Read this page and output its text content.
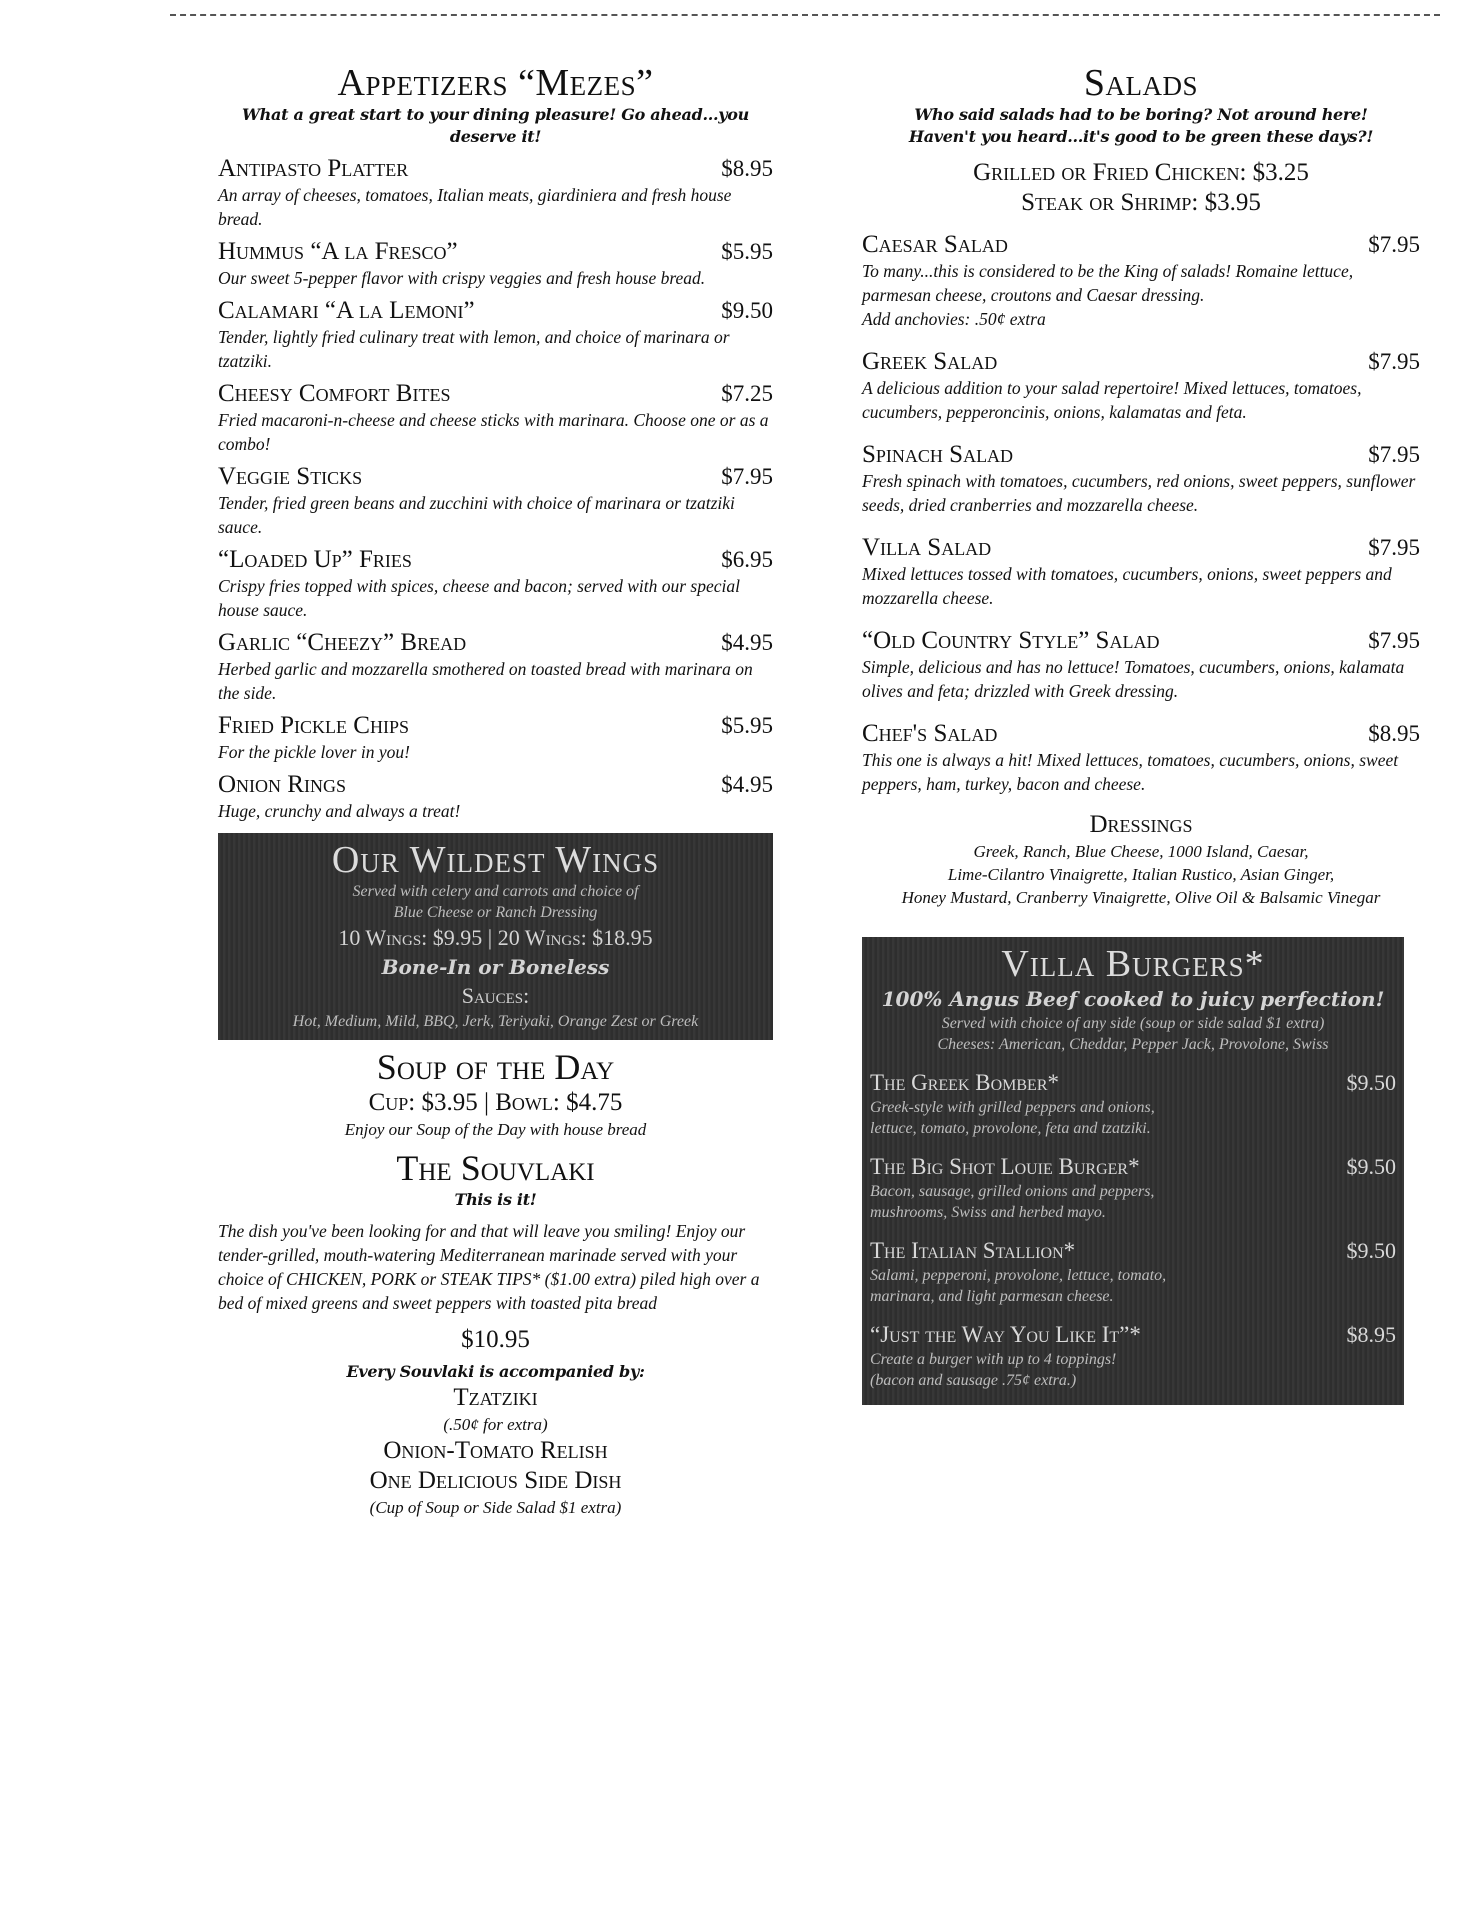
Appetizers “Mezes”
What a great start to your dining pleasure! Go ahead...you deserve it!
Antipasto Platter	$8.95
An array of cheeses, tomatoes, Italian meats, giardiniera and fresh house bread.
Hummus “A la Fresco”	$5.95
Our sweet 5-pepper flavor with crispy veggies and fresh house bread.
Calamari “A la Lemoni”	$9.50
Tender, lightly fried culinary treat with lemon, and choice of marinara or tzatziki.
Cheesy Comfort Bites	$7.25
Fried macaroni-n-cheese and cheese sticks with marinara. Choose one or as a combo!
Veggie Sticks	$7.95
Tender, fried green beans and zucchini with choice of marinara or tzatziki sauce.
“Loaded Up” Fries	$6.95
Crispy fries topped with spices, cheese and bacon; served with our special house sauce.
Garlic “Cheezy” Bread	$4.95
Herbed garlic and mozzarella smothered on toasted bread with marinara on the side.
Fried Pickle Chips	$5.95
For the pickle lover in you!
Onion Rings	$4.95
Huge, crunchy and always a treat!
Our Wildest Wings
Served with celery and carrots and choice of
Blue Cheese or Ranch Dressing
10 Wings: $9.95 | 20 Wings: $18.95
Bone-In or Boneless
Sauces:
Hot, Medium, Mild, BBQ, Jerk, Teriyaki, Orange Zest or Greek
Soup of the Day
Cup: $3.95 | Bowl: $4.75
Enjoy our Soup of the Day with house bread
The Souvlaki
This is it!
The dish you've been looking for and that will leave you smiling! Enjoy our tender-grilled, mouth-watering Mediterranean marinade served with your choice of CHICKEN, PORK or STEAK TIPS* ($1.00 extra) piled high over a bed of mixed greens and sweet peppers with toasted pita bread
$10.95
Every Souvlaki is accompanied by:
Tzatziki
(.50¢ for extra)
Onion-Tomato Relish
One Delicious Side Dish
(Cup of Soup or Side Salad $1 extra)
Salads
Who said salads had to be boring? Not around here!
Haven't you heard...it's good to be green these days?!
Grilled or Fried Chicken: $3.25
Steak or Shrimp: $3.95
Caesar Salad	$7.95
To many...this is considered to be the King of salads! Romaine lettuce, parmesan cheese, croutons and Caesar dressing.
Add anchovies: .50¢ extra
Greek Salad	$7.95
A delicious addition to your salad repertoire! Mixed lettuces, tomatoes, cucumbers, pepperoncinis, onions, kalamatas and feta.
Spinach Salad	$7.95
Fresh spinach with tomatoes, cucumbers, red onions, sweet peppers, sunflower seeds, dried cranberries and mozzarella cheese.
Villa Salad	$7.95
Mixed lettuces tossed with tomatoes, cucumbers, onions, sweet peppers and mozzarella cheese.
“Old Country Style” Salad	$7.95
Simple, delicious and has no lettuce! Tomatoes, cucumbers, onions, kalamata olives and feta; drizzled with Greek dressing.
Chef's Salad	$8.95
This one is always a hit! Mixed lettuces, tomatoes, cucumbers, onions, sweet peppers, ham, turkey, bacon and cheese.
Dressings
Greek, Ranch, Blue Cheese, 1000 Island, Caesar,
Lime-Cilantro Vinaigrette, Italian Rustico, Asian Ginger,
Honey Mustard, Cranberry Vinaigrette, Olive Oil & Balsamic Vinegar
Villa Burgers*
100% Angus Beef cooked to juicy perfection!
Served with choice of any side (soup or side salad $1 extra)
Cheeses: American, Cheddar, Pepper Jack, Provolone, Swiss
The Greek Bomber*	$9.50
Greek-style with grilled peppers and onions,
lettuce, tomato, provolone, feta and tzatziki.
The Big Shot Louie Burger*	$9.50
Bacon, sausage, grilled onions and peppers,
mushrooms, Swiss and herbed mayo.
The Italian Stallion*	$9.50
Salami, pepperoni, provolone, lettuce, tomato,
marinara, and light parmesan cheese.
“Just the Way You Like It”*	$8.95
Create a burger with up to 4 toppings!
(bacon and sausage .75¢ extra.)
